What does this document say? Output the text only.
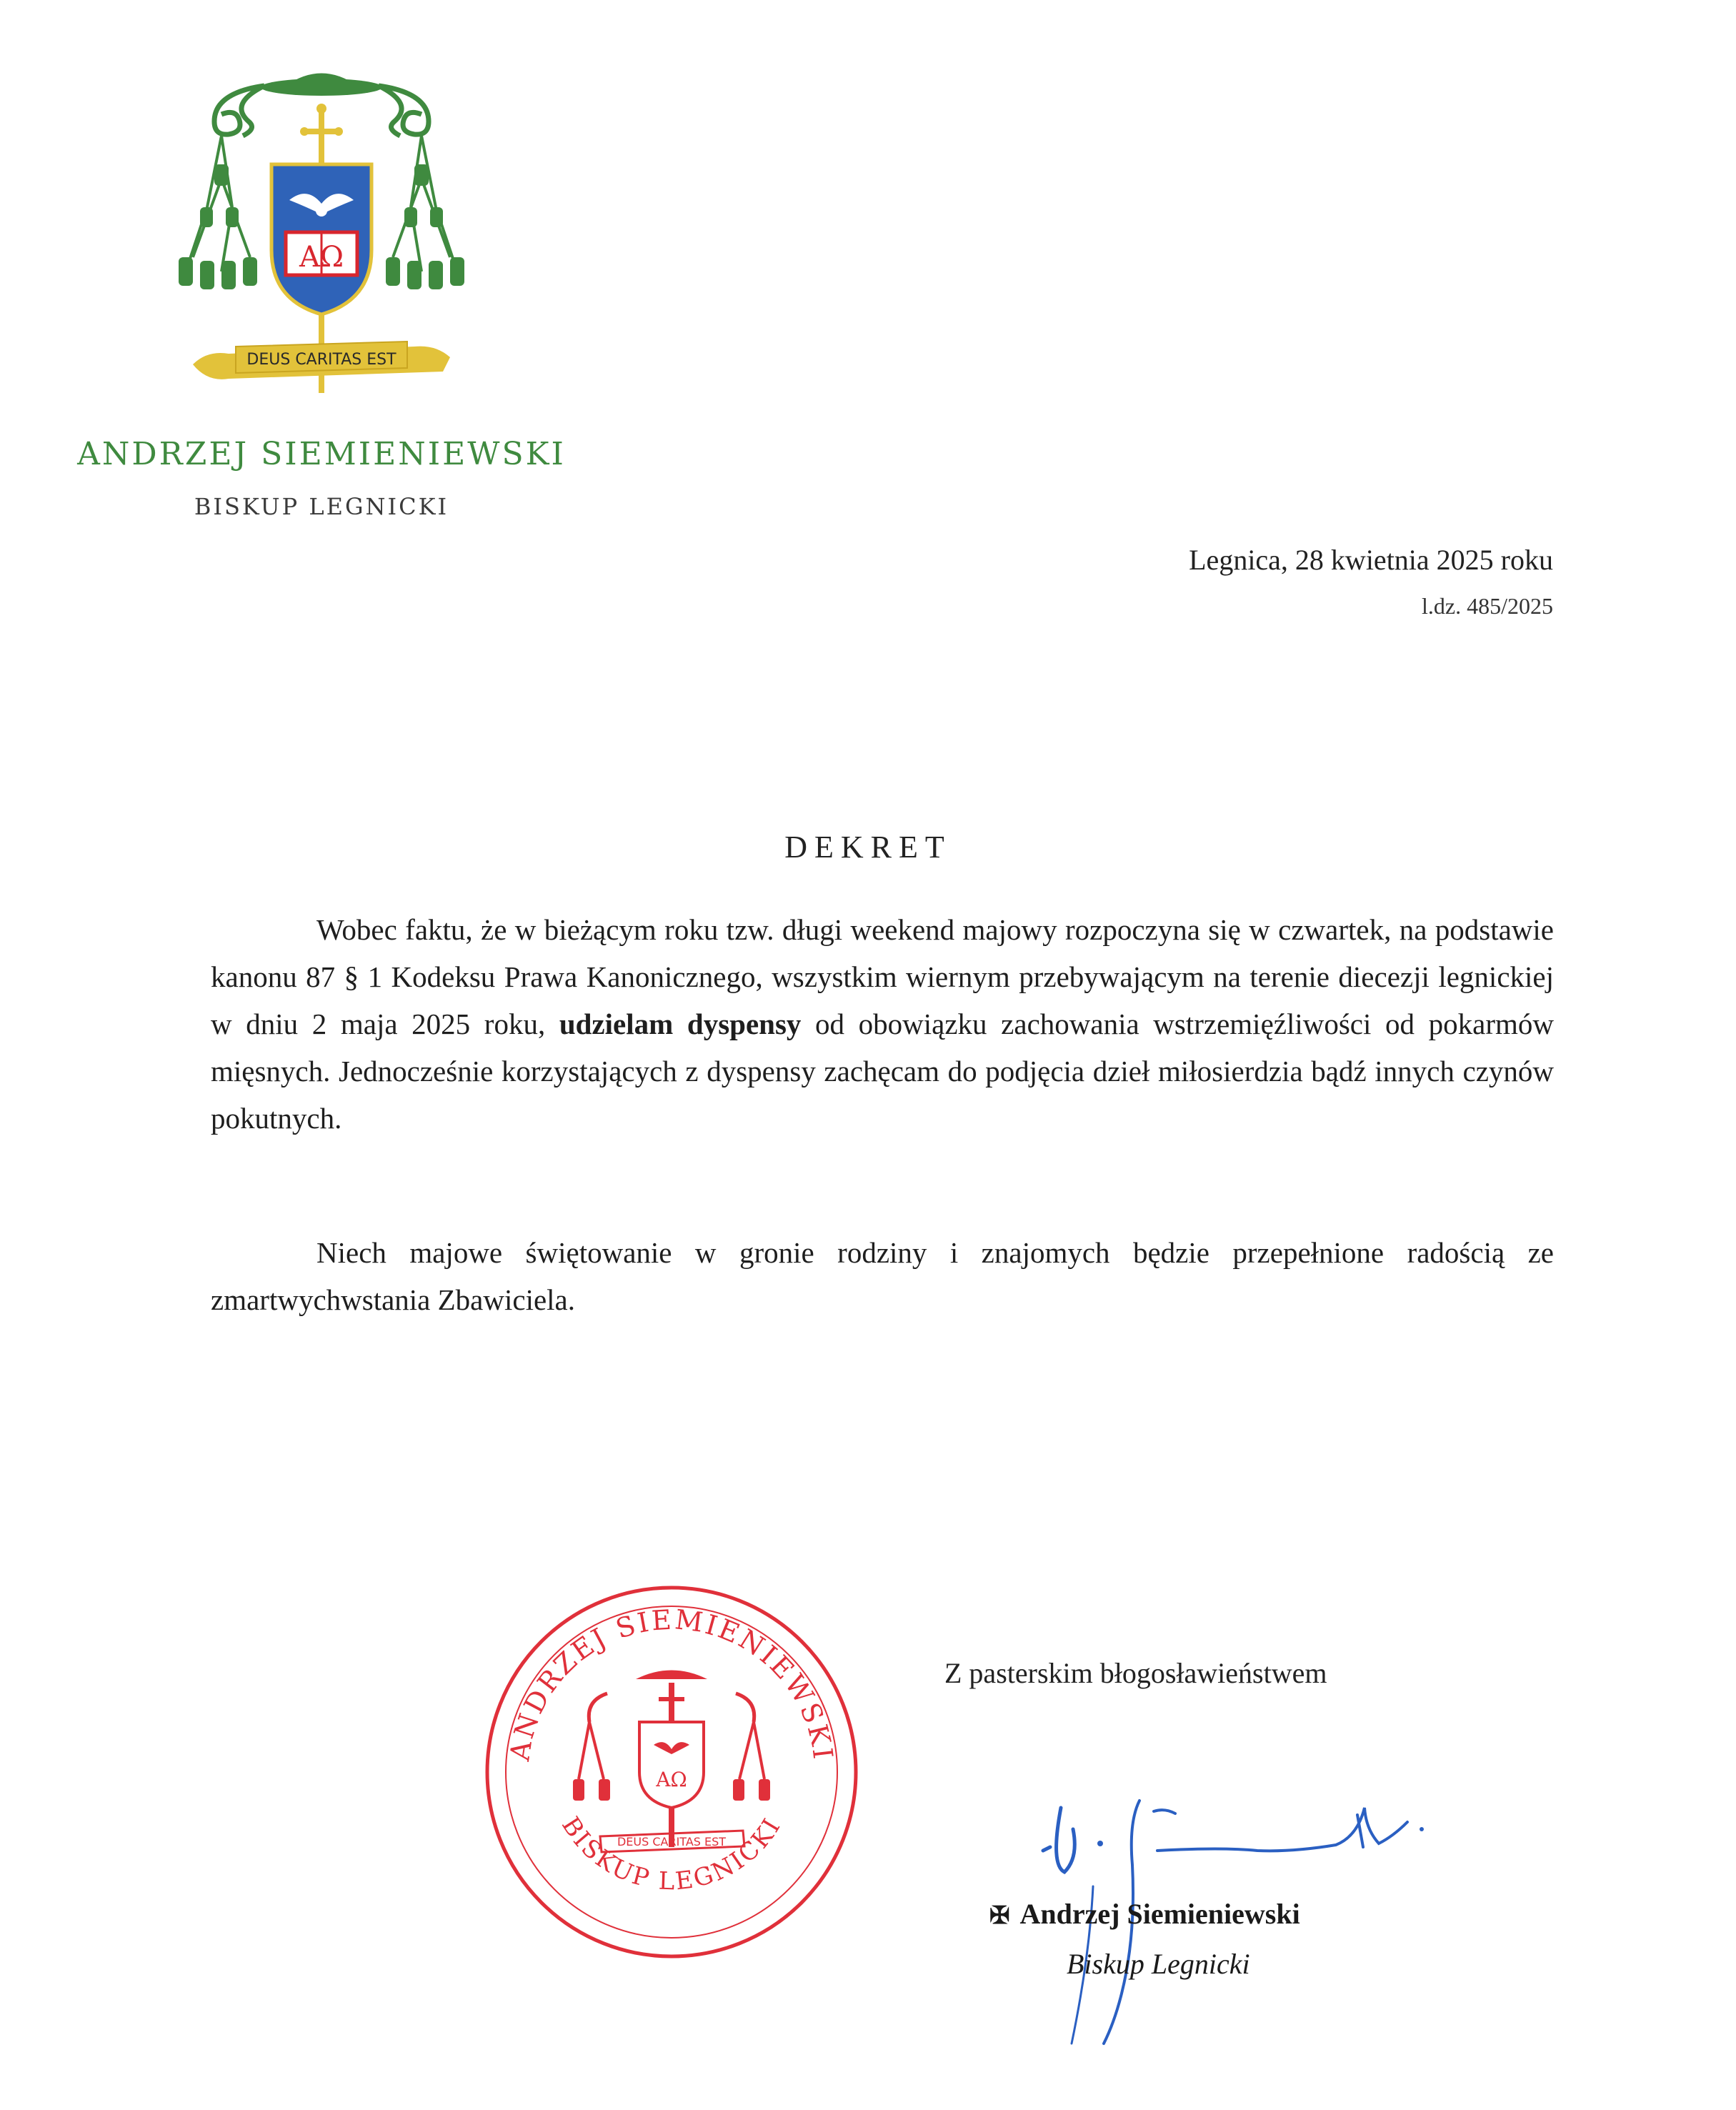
AΩ
DEUS CARITAS EST
ANDRZEJ SIEMIENIEWSKI
BISKUP LEGNICKI
Legnica, 28 kwietnia 2025 roku
l.dz. 485/2025
DEKRET

Wobec faktu, że w bieżącym roku tzw. długi weekend majowy rozpoczyna się w czwartek, na podstawie kanonu 87 § 1 Kodeksu Prawa Kanonicznego, wszystkim wiernym przebywającym na terenie diecezji legnickiej w dniu 2 maja 2025 roku, udzielam dyspensy od obowiązku zachowania wstrzemięźliwości od pokarmów mięsnych. Jednocześnie korzystających z dyspensy zachęcam do podjęcia dzieł miłosierdzia bądź innych czynów pokutnych.

Niech majowe świętowanie w gronie rodziny i znajomych będzie przepełnione radością ze zmartwychwstania Zbawiciela.

ANDRZEJ SIEMIENIEWSKI
BISKUP LEGNICKI
AΩ
DEUS CARITAS EST
Z pasterskim błogosławieństwem
✠ Andrzej Siemieniewski
Biskup Legnicki
